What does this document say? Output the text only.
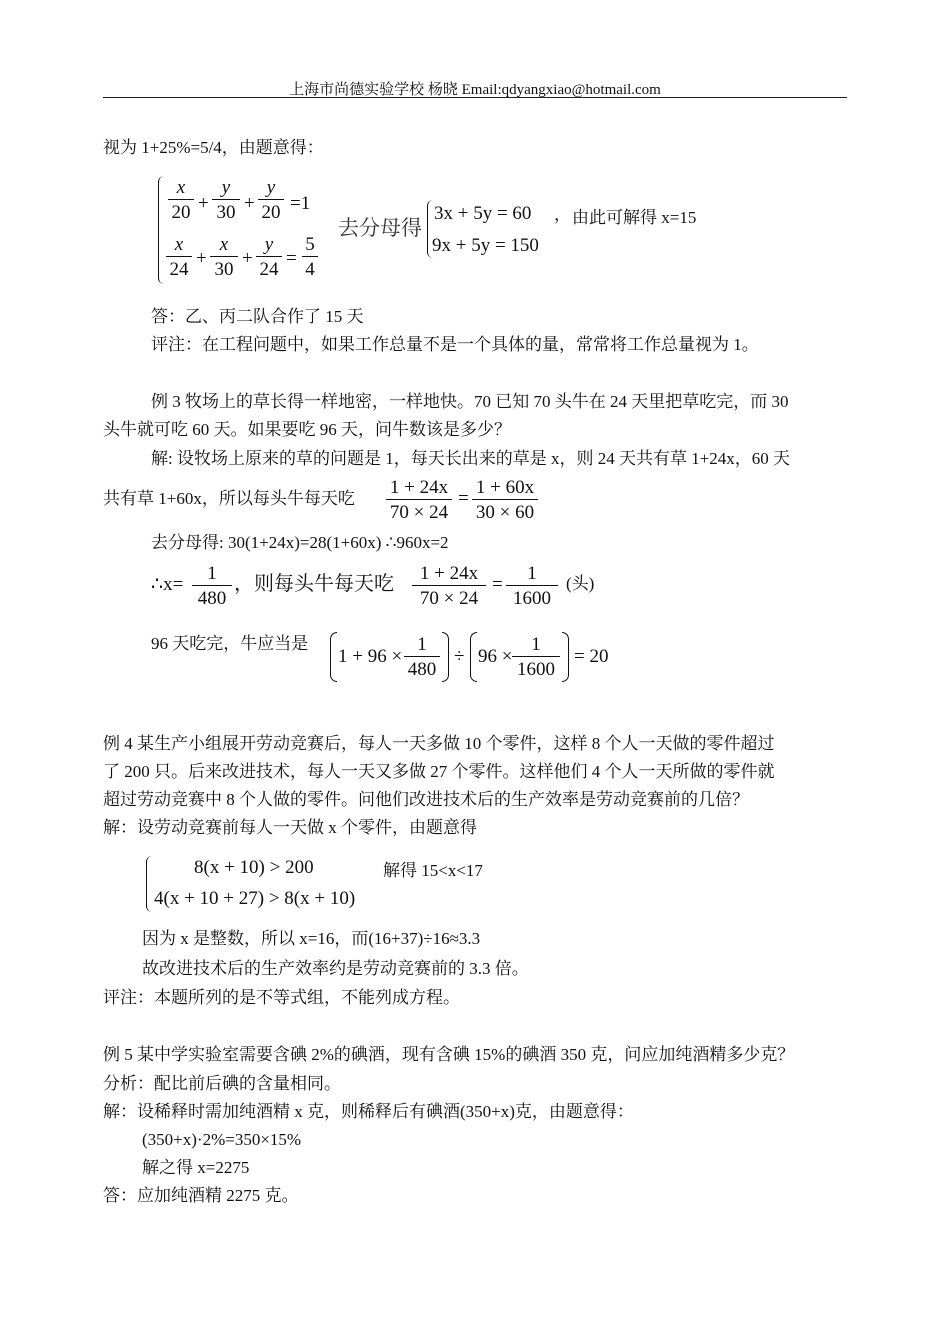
上海市尚德实验学校 杨晓 Email:qdyangxiao@hotmail.com
视为 1+25%=5/4，由题意得：
x
20 +
y
30 +
y
20 =1
x
24
+
x
30
+
y
24
=
5
4
去分母得
3x + 5y = 60
9x + 5y = 150
， 由此可解得 x=15
答：乙、丙二队合作了 15 天
评注：在工程问题中，如果工作总量不是一个具体的量，常常将工作总量视为 1。
例 3 牧场上的草长得一样地密，一样地快。70 已知 70 头牛在 24 天里把草吃完，而 30
头牛就可吃 60 天。如果要吃 96 天，问牛数该是多少？
解: 设牧场上原来的草的问题是 1，每天长出来的草是 x，则 24 天共有草 1+24x，60 天
共有草 1+60x，所以每头牛每天吃
1 + 24x
70 × 24
=
1 + 60x
30 × 60
去分母得: 30(1+24x)=28(1+60x) ∴960x=2
∴x=
1
480
，则每头牛每天吃	1 + 24x
70 × 24
=
1
1600
(头)
96 天吃完，牛应当是
1 + 96 ×
1
480
÷ 96 ×
1
1600
= 20
例 4 某生产小组展开劳动竞赛后，每人一天多做 10 个零件，这样 8 个人一天做的零件超过
了 200 只。后来改进技术，每人一天又多做 27 个零件。这样他们 4 个人一天所做的零件就
超过劳动竞赛中 8 个人做的零件。问他们改进技术后的生产效率是劳动竞赛前的几倍？
解：设劳动竞赛前每人一天做 x 个零件，由题意得
8(x + 10) > 200
4(x + 10 + 27) > 8(x + 10)
解得 15<x<17
因为 x 是整数，所以 x=16，而(16+37)÷16≈3.3
故改进技术后的生产效率约是劳动竞赛前的 3.3 倍。
评注：本题所列的是不等式组，不能列成方程。
例 5 某中学实验室需要含碘 2%的碘酒，现有含碘 15%的碘酒 350 克，问应加纯酒精多少克？
分析：配比前后碘的含量相同。
解：设稀释时需加纯酒精 x 克，则稀释后有碘酒(350+x)克，由题意得：
(350+x)·2%=350×15%
解之得 x=2275
答：应加纯酒精 2275 克。
